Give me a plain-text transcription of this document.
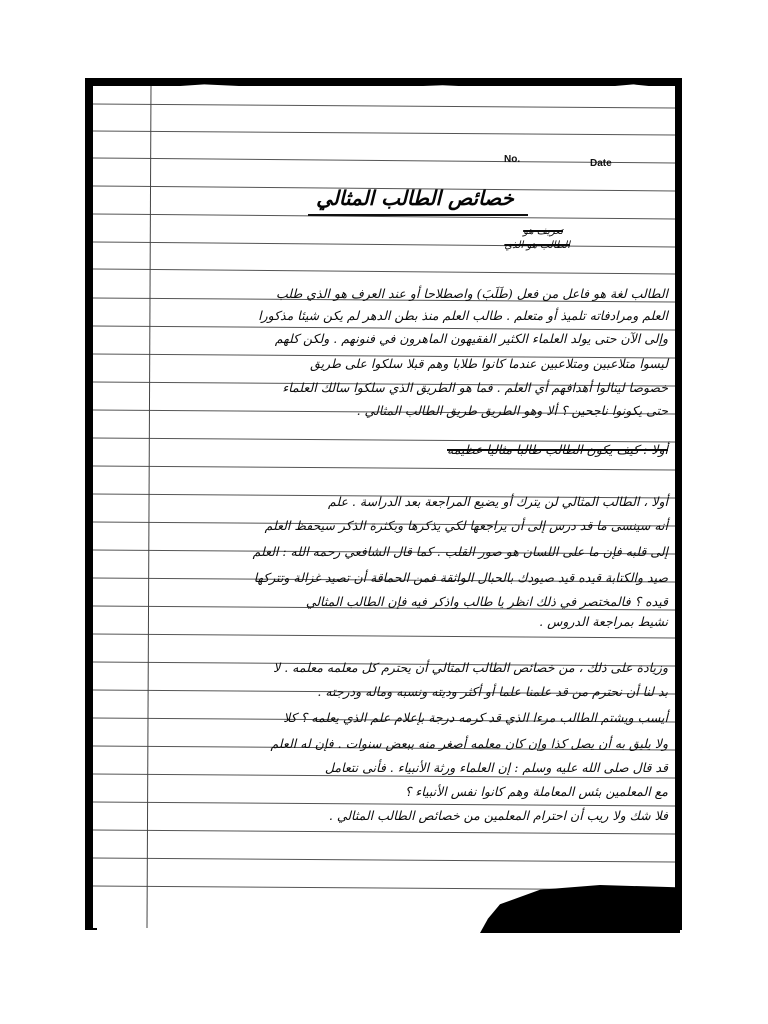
No.	Date
خصائص الطالب المثالي
تعريف هو
الطالب هو الذي
الطالب لغة هو فاعل من فعل (طَلَبَ) واصطلاحا أو عند العرف هو الذي طلب
العلم ومرادفاته تلميذ أو متعلم . طالب العلم منذ بطن الدهر لم يكن شيئا مذكورا
وإلى الآن حتى يولد العلماء الكثير الفقيهون الماهرون في فنونهم . ولكن كلهم
ليسوا متلاعبين ومتلاعبين عندما كانوا طلابا وهم قبلا سلكوا على طريق
خصوصا لينالوا أهدافهم أي العلم . فما هو الطريق الذي سلكوا سالك العلماء
حتى يكونوا ناجحين ؟ ألا وهو الطريق طريق الطالب المثالي .
أولا : كيف يكون الطالب طالبا مثاليا عظيمه
أولا ، الطالب المثالي لن يترك أو يضيع المراجعة بعد الدراسة . علم
أنه سينسى ما قد درس إلى أن يراجعها لكي يذكرها وبكثرة الذكر سيحفظ العلم
إلى قلبه فإن ما على اللسان هو صور القلب . كما قال الشافعي رحمه الله : العلم
صيد والكتابة قيده قيد صيودك بالحبال الواثقة فمن الحماقة أن تصيد غزالة وتتركها
قيده ؟ فالمختصر في ذلك انظر يا طالب واذكر فيه فإن الطالب المثالي
نشيط بمراجعة الدروس .
وزيادة على ذلك ، من خصائص الطالب المثالي أن يحترم كل معلمه معلمه . لا
بد لنا أن نحترم من قد علمنا علما أو أكثر وديته ونسبه وماله ودرجته .
أيسب ويشتم الطالب مرءا الذي قد كرمه درجة بإعلام علم الذي يعلمه ؟ كلا
ولا يليق به أن يصل كذا وإن كان معلمه أصغر منه ببعض سنوات . فإن له العلم
قد قال صلى الله عليه وسلم : إن العلماء ورثة الأنبياء . فأنى نتعامل
مع المعلمين بئس المعاملة وهم كانوا نفس الأنبياء ؟
فلا شك ولا ريب أن احترام المعلمين من خصائص الطالب المثالي .
